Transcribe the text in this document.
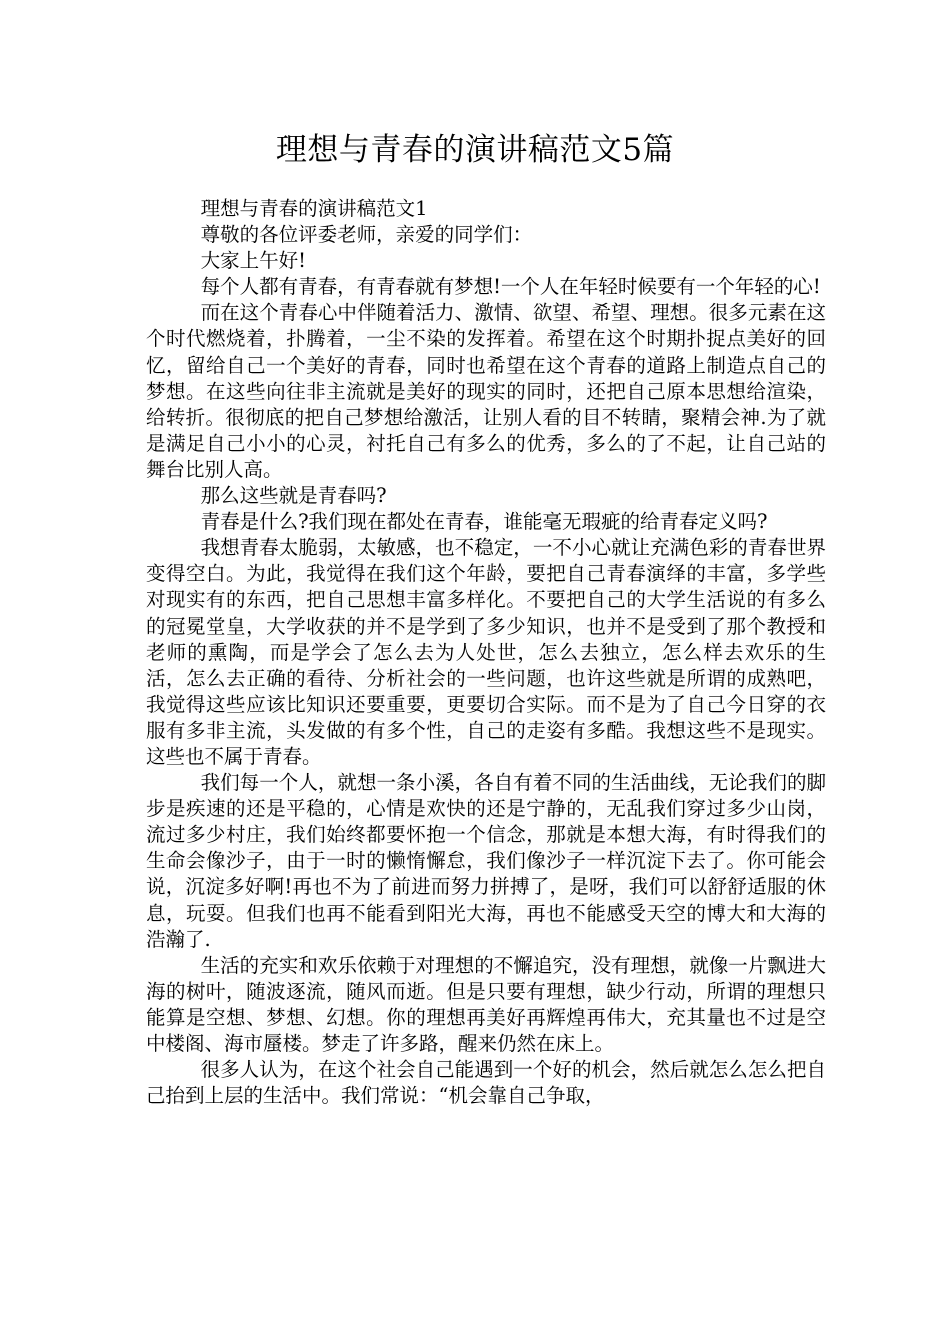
理想与青春的演讲稿范文5篇

理想与青春的演讲稿范文1

尊敬的各位评委老师，亲爱的同学们：

大家上午好!

每个人都有青春，有青春就有梦想!一个人在年轻时候要有一个年轻的心!

而在这个青春心中伴随着活力、激情、欲望、希望、理想。很多元素在这个时代燃烧着，扑腾着，一尘不染的发挥着。希望在这个时期扑捉点美好的回忆，留给自己一个美好的青春，同时也希望在这个青春的道路上制造点自己的梦想。在这些向往非主流就是美好的现实的同时，还把自己原本思想给渲染，给转折。很彻底的把自己梦想给激活，让别人看的目不转睛，聚精会神.为了就是满足自己小小的心灵，衬托自己有多么的优秀，多么的了不起，让自己站的舞台比别人高。

那么这些就是青春吗?

青春是什么?我们现在都处在青春，谁能毫无瑕疵的给青春定义吗?

我想青春太脆弱，太敏感，也不稳定，一不小心就让充满色彩的青春世界变得空白。为此，我觉得在我们这个年龄，要把自己青春演绎的丰富，多学些对现实有的东西，把自己思想丰富多样化。不要把自己的大学生活说的有多么的冠冕堂皇，大学收获的并不是学到了多少知识，也并不是受到了那个教授和老师的熏陶，而是学会了怎么去为人处世，怎么去独立，怎么样去欢乐的生活，怎么去正确的看待、分析社会的一些问题，也许这些就是所谓的成熟吧，我觉得这些应该比知识还要重要，更要切合实际。而不是为了自己今日穿的衣服有多非主流，头发做的有多个性，自己的走姿有多酷。我想这些不是现实。这些也不属于青春。

我们每一个人，就想一条小溪，各自有着不同的生活曲线，无论我们的脚步是疾速的还是平稳的，心情是欢快的还是宁静的，无乱我们穿过多少山岗，流过多少村庄，我们始终都要怀抱一个信念，那就是本想大海，有时得我们的生命会像沙子，由于一时的懒惰懈怠，我们像沙子一样沉淀下去了。你可能会说，沉淀多好啊!再也不为了前进而努力拼搏了，是呀，我们可以舒舒适服的休息，玩耍。但我们也再不能看到阳光大海，再也不能感受天空的博大和大海的浩瀚了.

生活的充实和欢乐依赖于对理想的不懈追究，没有理想，就像一片飘进大海的树叶，随波逐流，随风而逝。但是只要有理想，缺少行动，所谓的理想只能算是空想、梦想、幻想。你的理想再美好再辉煌再伟大，充其量也不过是空中楼阁、海市蜃楼。梦走了许多路，醒来仍然在床上。

很多人认为，在这个社会自己能遇到一个好的机会，然后就怎么怎么把自己抬到上层的生活中。我们常说：“机会靠自己争取，
